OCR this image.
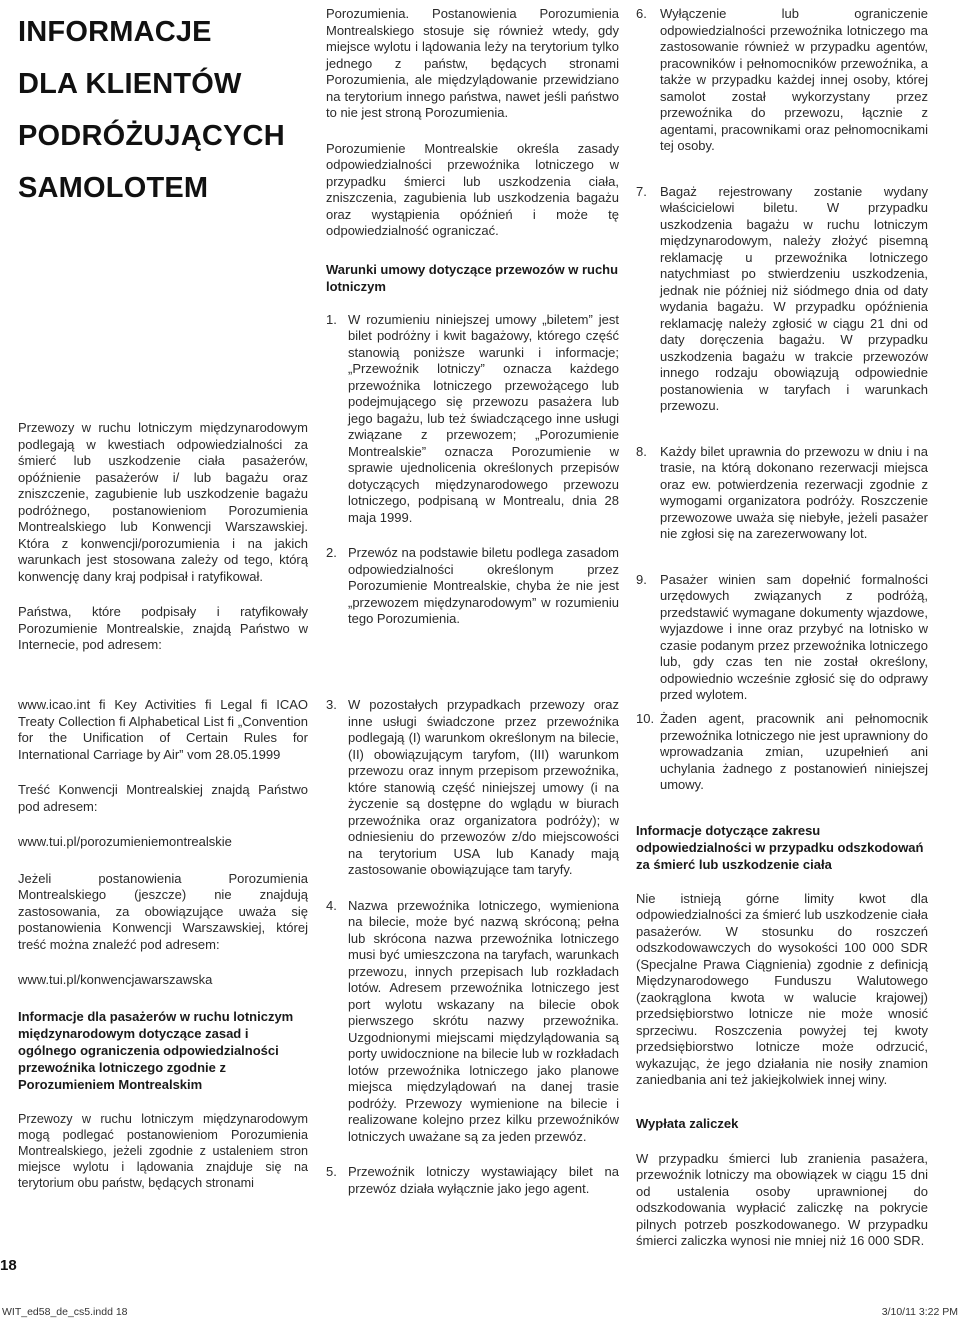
INFORMACJE
DLA KLIENTÓW
PODRÓŻUJĄCYCH
SAMOLOTEM

Przewozy w ruchu lotniczym międzynarodowym podlegają w kwestiach odpowiedzialności za śmierć lub uszkodzenie ciała pasażerów, opóźnienie pasażerów i/ lub bagażu oraz zniszczenie, zagubienie lub uszkodzenie bagażu podróżnego, postanowieniom Porozumienia Montrealskiego lub Konwencji Warszawskiej. Która z konwencji/porozumienia i na jakich warunkach jest stosowana zależy od tego, którą konwencję dany kraj podpisał i ratyfikował.

Państwa, które podpisały i ratyfikowały Porozumienie Montrealskie, znajdą Państwo w Internecie, pod adresem:

www.icao.int fi Key Activities fi Legal fi ICAO Treaty Collection fi Alphabetical List fi „Convention for the Unification of Certain Rules for International Carriage by Air” vom 28.05.1999

Treść Konwencji Montrealskiej znajdą Państwo pod adresem:

www.tui.pl/porozumieniemontrealskie

Jeżeli postanowienia Porozumienia Montrealskiego (jeszcze) nie znajdują zastosowania, za obowiązujące uważa się postanowienia Konwencji Warszawskiej, której treść można znaleźć pod adresem:

www.tui.pl/konwencjawarszawska

Informacje dla pasażerów w ruchu lotniczym międzynarodowym dotyczące zasad i ogólnego ograniczenia odpowiedzialności przewoźnika lotniczego zgodnie z Porozumieniem Montrealskim

Przewozy w ruchu lotniczym międzynarodowym mogą podlegać postanowieniom Porozumienia Montrealskiego, jeżeli zgodnie z ustaleniem stron miejsce wylotu i lądowania znajduje się na terytorium obu państw, będących stronami

Porozumienia. Postanowienia Porozumienia Montrealskiego stosuje się również wtedy, gdy miejsce wylotu i lądowania leży na terytorium tylko jednego z państw, będących stronami Porozumienia, ale międzylądowanie przewidziano na terytorium innego państwa, nawet jeśli państwo to nie jest stroną Porozumienia.

Porozumienie Montrealskie określa zasady odpowiedzialności przewoźnika lotniczego w przypadku śmierci lub uszkodzenia ciała, zniszczenia, zagubienia lub uszkodzenia bagażu oraz wystąpienia opóźnień i może tę odpowiedzialność ograniczać.

Warunki umowy dotyczące przewozów w ruchu lotniczym
1. W rozumieniu niniejszej umowy „biletem” jest bilet podróżny i kwit bagażowy, którego część stanowią poniższe warunki i informacje; „Przewoźnik lotniczy” oznacza każdego przewoźnika lotniczego przewożącego lub podejmującego się przewozu pasażera lub jego bagażu, lub też świadczącego inne usługi związane z przewozem; „Porozumienie Montrealskie” oznacza Porozumienie w sprawie ujednolicenia określonych przepisów dotyczących międzynarodowego przewozu lotniczego, podpisaną w Montrealu, dnia 28 maja 1999.
2. Przewóz na podstawie biletu podlega zasadom odpowiedzialności określonym przez Porozumienie Montrealskie, chyba że nie jest „przewozem międzynarodowym” w rozumieniu tego Porozumienia.
3. W pozostałych przypadkach przewozy oraz inne usługi świadczone przez przewoźnika podlegają (I) warunkom określonym na bilecie, (II) obowiązującym taryfom, (III) warunkom przewozu oraz innym przepisom przewoźnika, które stanowią część niniejszej umowy (i na życzenie są dostępne do wglądu w biurach przewoźnika oraz organizatora podróży); w odniesieniu do przewozów z/do miejscowości na terytorium USA lub Kanady mają zastosowanie obowiązujące tam taryfy.
4. Nazwa przewoźnika lotniczego, wymieniona na bilecie, może być nazwą skróconą; pełna lub skrócona nazwa przewoźnika lotniczego musi być umieszczona na taryfach, warunkach przewozu, innych przepisach lub rozkładach lotów. Adresem przewoźnika lotniczego jest port wylotu wskazany na bilecie obok pierwszego skrótu nazwy przewoźnika. Uzgodnionymi miejscami międzylądowania są porty uwidocznione na bilecie lub w rozkładach lotów przewoźnika lotniczego jako planowe miejsca międzylądowań na danej trasie podróży. Przewozy wymienione na bilecie i realizowane kolejno przez kilku przewoźników lotniczych uważane są za jeden przewóz.
5. Przewoźnik lotniczy wystawiający bilet na przewóz działa wyłącznie jako jego agent.
6. Wyłączenie lub ograniczenie odpowiedzialności przewoźnika lotniczego ma zastosowanie również w przypadku agentów, pracowników i pełnomocników przewoźnika, a także w przypadku każdej innej osoby, której samolot został wykorzystany przez przewoźnika do przewozu, łącznie z agentami, pracownikami oraz pełnomocnikami tej osoby.
7. Bagaż rejestrowany zostanie wydany właścicielowi biletu. W przypadku uszkodzenia bagażu w ruchu lotniczym międzynarodowym, należy złożyć pisemną reklamację u przewoźnika lotniczego natychmiast po stwierdzeniu uszkodzenia, jednak nie później niż siódmego dnia od daty wydania bagażu. W przypadku opóźnienia reklamację należy zgłosić w ciągu 21 dni od daty doręczenia bagażu. W przypadku uszkodzenia bagażu w trakcie przewozów innego rodzaju obowiązują odpowiednie postanowienia w taryfach i warunkach przewozu.
8. Każdy bilet uprawnia do przewozu w dniu i na trasie, na którą dokonano rezerwacji miejsca oraz ew. potwierdzenia rezerwacji zgodnie z wymogami organizatora podróży. Roszczenie przewozowe uważa się niebyłe, jeżeli pasażer nie zgłosi się na zarezerwowany lot.
9. Pasażer winien sam dopełnić formalności urzędowych związanych z podróżą, przedstawić wymagane dokumenty wjazdowe, wyjazdowe i inne oraz przybyć na lotnisko w czasie podanym przez przewoźnika lotniczego lub, gdy czas ten nie został określony, odpowiednio wcześnie zgłosić się do odprawy przed wylotem.
10. Żaden agent, pracownik ani pełnomocnik przewoźnika lotniczego nie jest uprawniony do wprowadzania zmian, uzupełnień ani uchylania żadnego z postanowień niniejszej umowy.
Informacje dotyczące zakresu odpowiedzialności w przypadku odszkodowań za śmierć lub uszkodzenie ciała

Nie istnieją górne limity kwot dla odpowiedzialności za śmierć lub uszkodzenie ciała pasażerów. W stosunku do roszczeń odszkodowawczych do wysokości 100 000 SDR (Specjalne Prawa Ciągnienia) zgodnie z definicją Międzynarodowego Funduszu Walutowego (zaokrąglona kwota w walucie krajowej) przedsiębiorstwo lotnicze nie może wnosić sprzeciwu. Roszczenia powyżej tej kwoty przedsiębiorstwo lotnicze może odrzucić, wykazując, że jego działania nie nosiły znamion zaniedbania ani też jakiejkolwiek innej winy.

Wypłata zaliczek

W przypadku śmierci lub zranienia pasażera, przewoźnik lotniczy ma obowiązek w ciągu 15 dni od ustalenia osoby uprawnionej do odszkodowania wypłacić zaliczkę na pokrycie pilnych potrzeb poszkodowanego. W przypadku śmierci zaliczka wynosi nie mniej niż 16 000 SDR.

18
WIT_ed58_de_cs5.indd 18	3/10/11 3:22 PM
